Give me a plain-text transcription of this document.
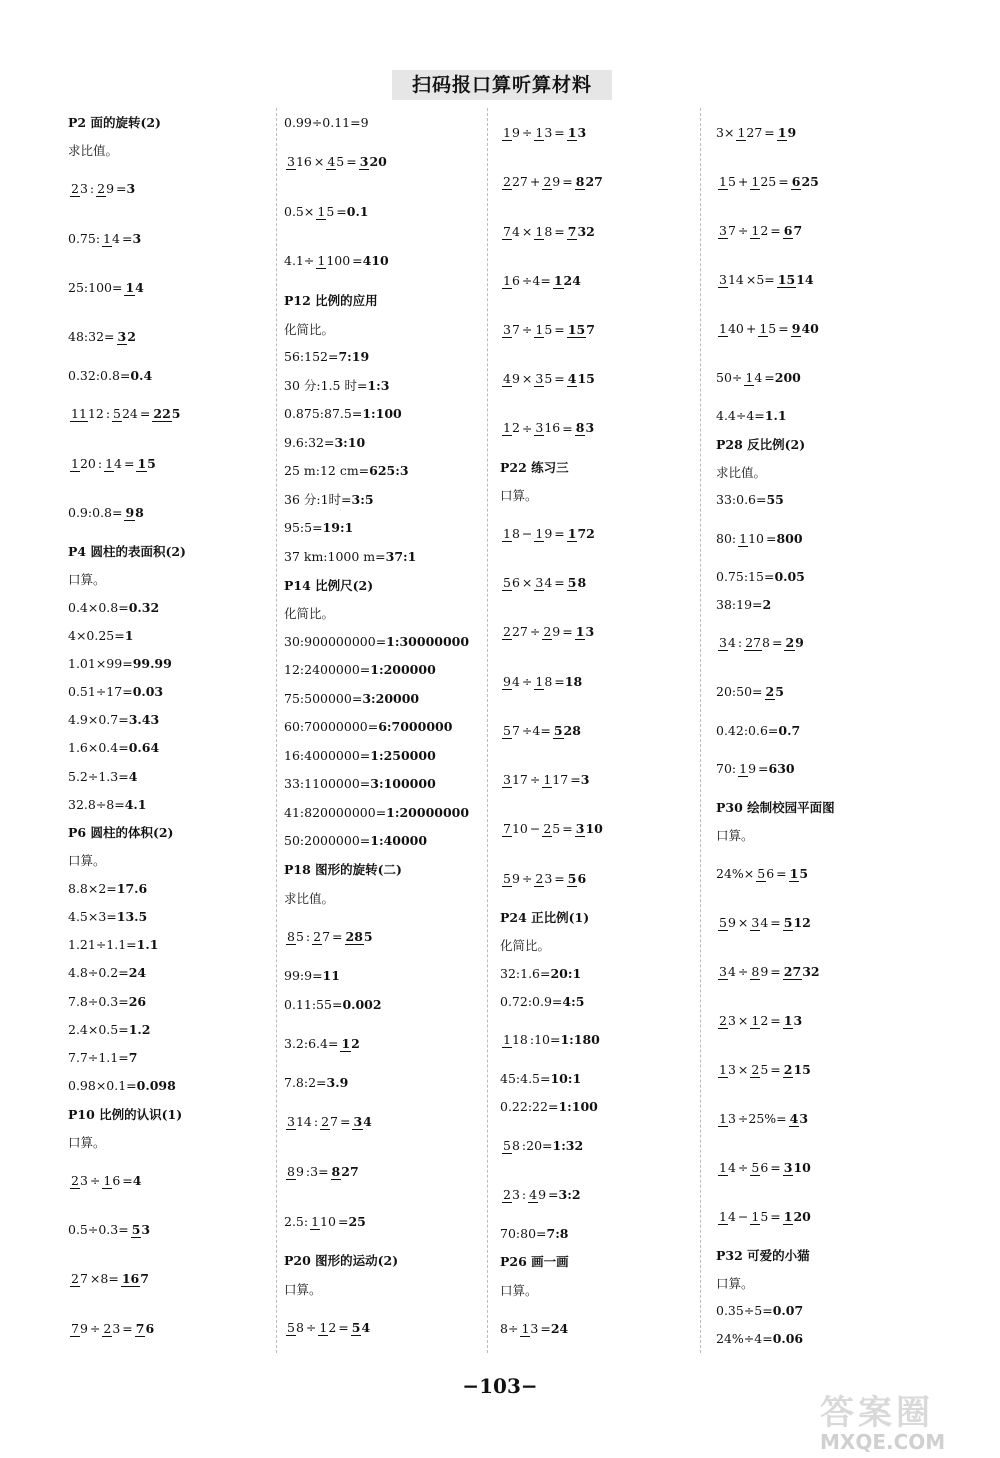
扫码报口算听算材料
P2 面的旋转(2)
求比值。
23 : 29 = 3
0.75: 14 = 3
25:100= 14
48:32= 32
0.32:0.8= 0.4
1112 : 524 = 225
120 : 14 = 15
0.9:0.8= 98
P4 圆柱的表面积(2)
口算。
0.4×0.8= 0.32
4×0.25= 1
1.01×99= 99.99
0.51÷17= 0.03
4.9×0.7= 3.43
1.6×0.4= 0.64
5.2÷1.3= 4
32.8÷8= 4.1
P6 圆柱的体积(2)
口算。
8.8×2= 17.6
4.5×3= 13.5
1.21÷1.1= 1.1
4.8÷0.2= 24
7.8÷0.3= 26
2.4×0.5= 1.2
7.7÷1.1= 7
0.98×0.1= 0.098
P10 比例的认识(1)
口算。
23 ÷ 16 = 4
0.5÷0.3= 53
27 ×8= 167
79 ÷ 23 = 76
0.99÷0.11= 9
316 × 45 = 320
0.5× 15 = 0.1
4.1÷ 1100 = 410
P12 比例的应用
化简比。
56:152= 7:19
30 分:1.5 时= 1:3
0.875:87.5= 1:100
9.6:32= 3:10
25 m:12 cm= 625:3
36 分:1时= 3:5
95:5= 19:1
37 km:1000 m= 37:1
P14 比例尺(2)
化简比。
30:900000000= 1:30000000
12:2400000= 1:200000
75:500000= 3:20000
60:70000000= 6:7000000
16:4000000= 1:250000
33:1100000= 3:100000
41:820000000= 1:20000000
50:2000000= 1:40000
P18 图形的旋转(二)
求比值。
85 : 27 = 285
99:9= 11
0.11:55= 0.002
3.2:6.4= 12
7.8:2= 3.9
314 : 27 = 34
89 :3= 827
2.5: 110 = 25
P20 图形的运动(2)
口算。
58 ÷ 12 = 54
19 ÷ 13 = 13
227 + 29 = 827
74 × 18 = 732
16 ÷4= 124
37 ÷ 15 = 157
49 × 35 = 415
12 ÷ 316 = 83
P22 练习三
口算。
18 − 19 = 172
56 × 34 = 58
227 ÷ 29 = 13
94 ÷ 18 = 18
57 ÷4= 528
317 ÷ 117 = 3
710 − 25 = 310
59 ÷ 23 = 56
P24 正比例(1)
化简比。
32:1.6= 20:1
0.72:0.9= 4:5
118 :10= 1:180
45:4.5= 10:1
0.22:22= 1:100
58 :20= 1:32
23 : 49 = 3:2
70:80= 7:8
P26 画一画
口算。
8÷ 13 = 24
3× 127 = 19
15 + 125 = 625
37 ÷ 12 = 67
314 ×5= 1514
140 + 15 = 940
50÷ 14 = 200
4.4÷4= 1.1
P28 反比例(2)
求比值。
33:0.6= 55
80: 110 = 800
0.75:15= 0.05
38:19= 2
34 : 278 = 29
20:50= 25
0.42:0.6= 0.7
70: 19 = 630
P30 绘制校园平面图
口算。
24%× 56 = 15
59 × 34 = 512
34 ÷ 89 = 2732
23 × 12 = 13
13 × 25 = 215
13 ÷25%= 43
14 ÷ 56 = 310
14 − 15 = 120
P32 可爱的小猫
口算。
0.35÷5= 0.07
24%÷4= 0.06
−103−
答案圈
MXQE.COM
